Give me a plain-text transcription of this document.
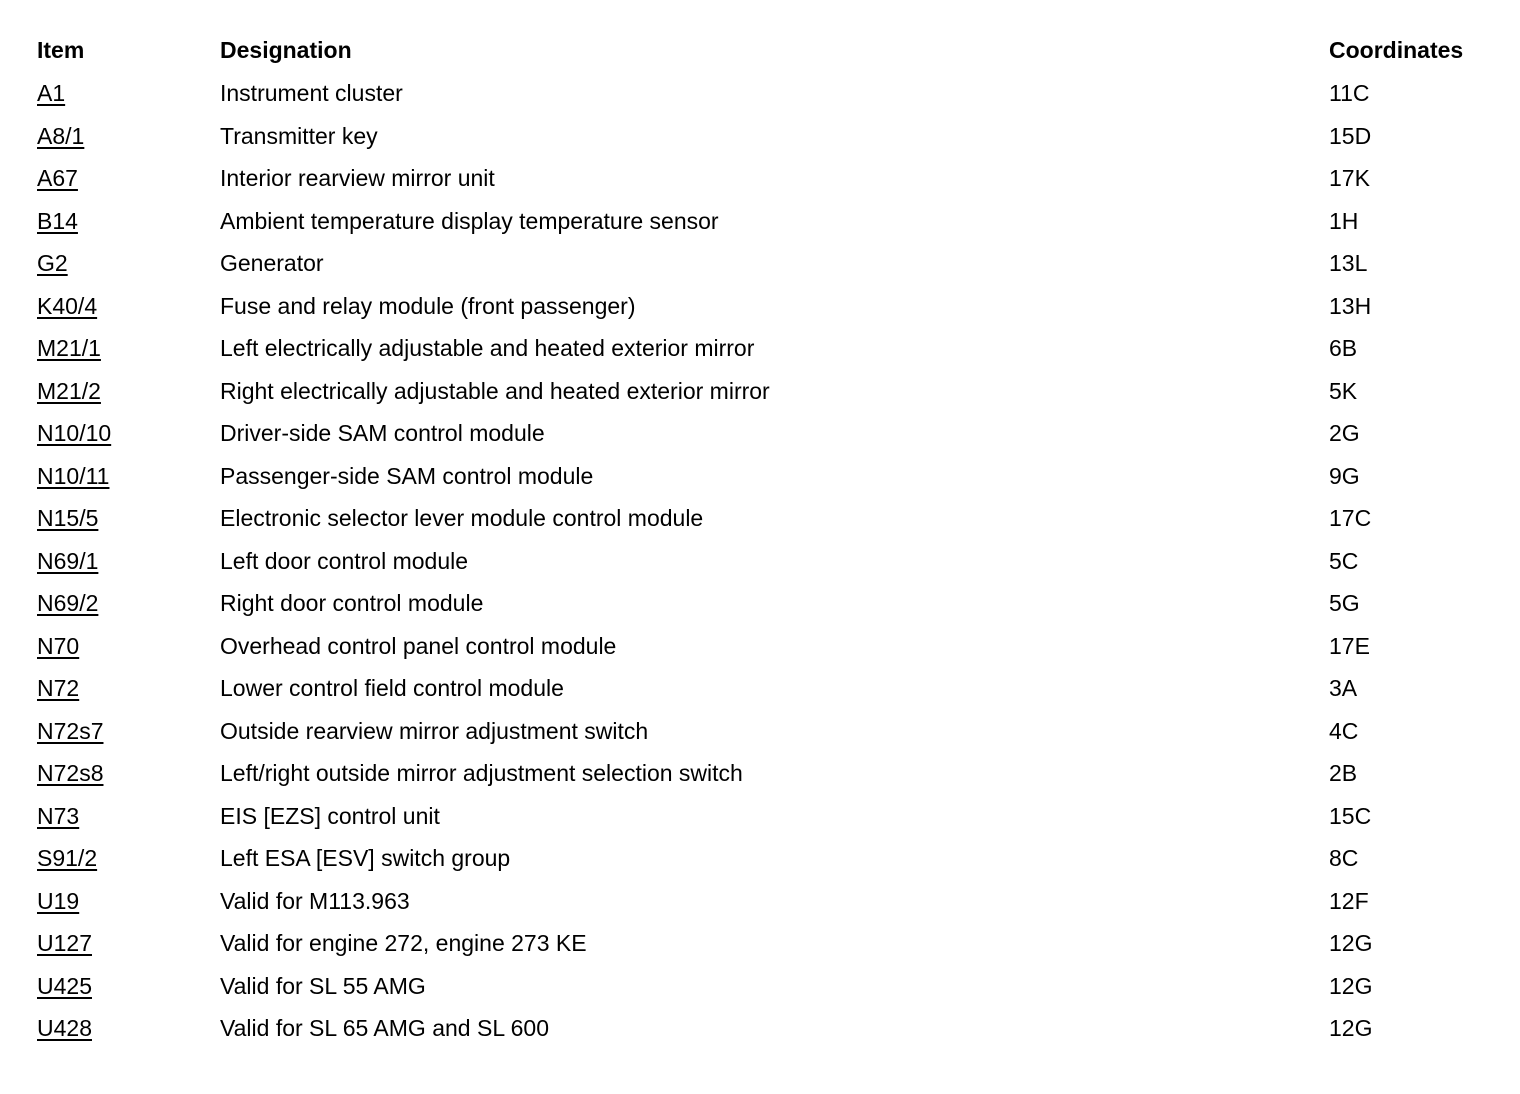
Item	Designation	Coordinates
A1	Instrument cluster	11C
A8/1	Transmitter key	15D
A67	Interior rearview mirror unit	17K
B14	Ambient temperature display temperature sensor	1H
G2	Generator	13L
K40/4	Fuse and relay module (front passenger)	13H
M21/1	Left electrically adjustable and heated exterior mirror	6B
M21/2	Right electrically adjustable and heated exterior mirror	5K
N10/10	Driver-side SAM control module	2G
N10/11	Passenger-side SAM control module	9G
N15/5	Electronic selector lever module control module	17C
N69/1	Left door control module	5C
N69/2	Right door control module	5G
N70	Overhead control panel control module	17E
N72	Lower control field control module	3A
N72s7	Outside rearview mirror adjustment switch	4C
N72s8	Left/right outside mirror adjustment selection switch	2B
N73	EIS [EZS] control unit	15C
S91/2	Left ESA [ESV] switch group	8C
U19	Valid for M113.963	12F
U127	Valid for engine 272, engine 273 KE	12G
U425	Valid for SL 55 AMG	12G
U428	Valid for SL 65 AMG and SL 600	12G
